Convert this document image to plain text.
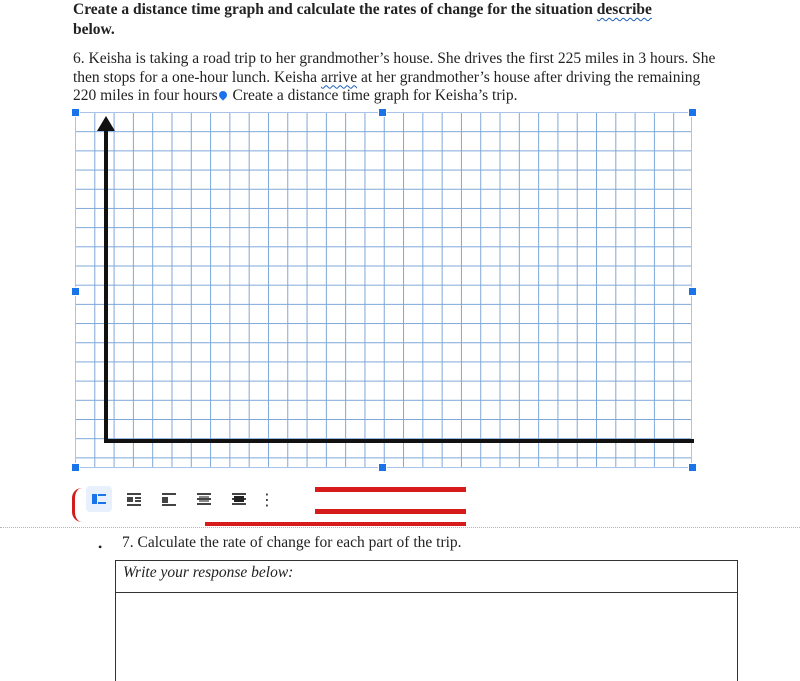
Create a distance time graph and calculate the rates of change for the situation describe
below.
6. Keisha is taking a road trip to her grandmother’s house. She drives the first 225 miles in 3 hours. She then stops for a one-hour lunch. Keisha arrive at her grandmother’s house after driving the remaining 220 miles in four hours Create a distance time graph for Keisha’s trip.
⋮
• 7. Calculate the rate of change for each part of the trip.
Write your response below:
